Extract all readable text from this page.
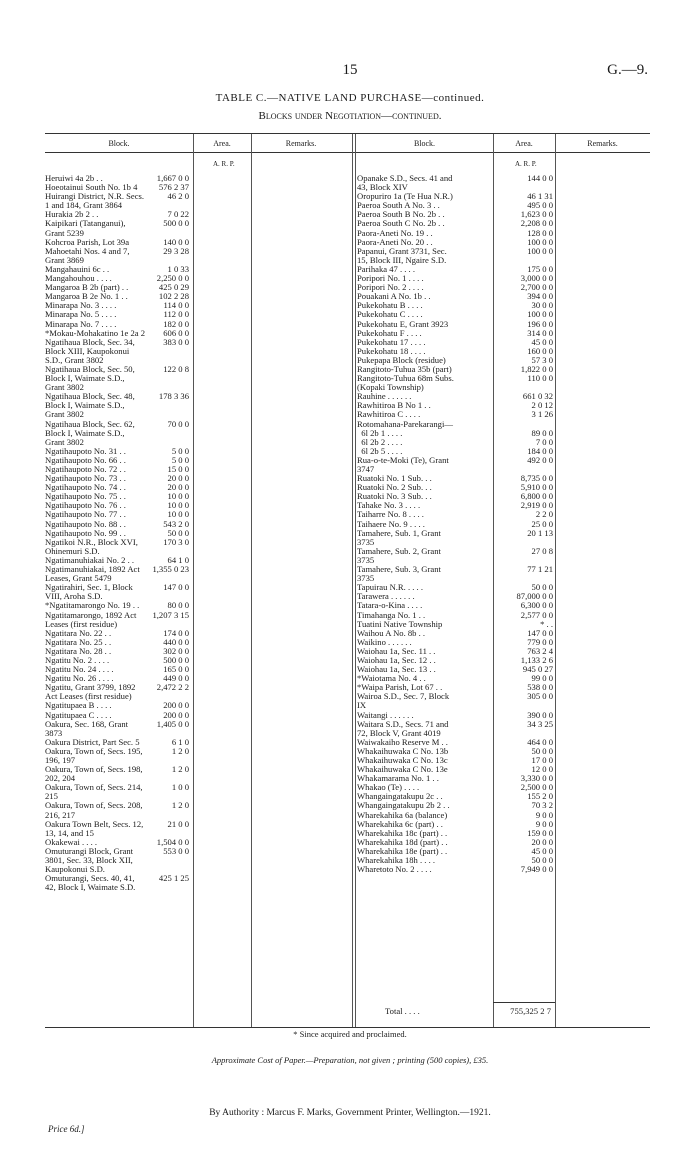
15	G.—9.
TABLE C.—NATIVE LAND PURCHASE—continued.
Blocks under Negotiation—continued.
Block.	Area.	Remarks.	Block.	Area.	Remarks.
A. R. P.	A. R. P.
Heruiwi 4a 2b . .	1,667 0 0
Hoeotainui South No. 1b 4	576 2 37
Huirangi District, N.R. Secs.
1 and 184, Grant 3864
46 2 0
Hurakia 2b 2 . .	7 0 22
Kaipikari (Tatanganui),
Grant 5239
500 0 0
Kohcroa Parish, Lot 39a	140 0 0
Mahoetahi Nos. 4 and 7,
Grant 3869
29 3 28
Mangahauini 6c . .	1 0 33
Mangahouhou . . . .	2,250 0 0
Mangaroa B 2b (part) . .	425 0 29
Mangaroa B 2e No. 1 . .	102 2 28
Minarapa No. 3 . . . .	114 0 0
Minarapa No. 5 . . . .	112 0 0
Minarapa No. 7 . . . .	182 0 0
*Mokau-Mohakatino 1e 2a 2	606 0 0
Ngatihaua Block, Sec. 34,
Block XIII, Kaupokonui
S.D., Grant 3802
383 0 0
Ngatihaua Block, Sec. 50,
Block I, Waimate S.D.,
Grant 3802
122 0 8
Ngatihaua Block, Sec. 48,
Block I, Waimate S.D.,
Grant 3802
178 3 36
Ngatihaua Block, Sec. 62,
Block I, Waimate S.D.,
Grant 3802
70 0 0
Ngatihaupoto No. 31 . .	5 0 0
Ngatihaupoto No. 66 . .	5 0 0
Ngatihaupoto No. 72 . .	15 0 0
Ngatihaupoto No. 73 . .	20 0 0
Ngatihaupoto No. 74 . .	20 0 0
Ngatihaupoto No. 75 . .	10 0 0
Ngatihaupoto No. 76 . .	10 0 0
Ngatihaupoto No. 77 . .	10 0 0
Ngatihaupoto No. 88 . .	543 2 0
Ngatihaupoto No. 99 . .	50 0 0
Ngatikoi N.R., Block XVI,
Ohinemuri S.D.
170 3 0
Ngatimanuhiakai No. 2 . .	64 1 0
Ngatimanuhiakai, 1892 Act
Leases, Grant 5479
1,355 0 23
Ngatirahiri, Sec. 1, Block
VIII, Aroha S.D.
147 0 0
*Ngatitamarongo No. 19 . .	80 0 0
Ngatitamarongo, 1892 Act
Leases (first residue)
1,207 3 15
Ngatitara No. 22 . .	174 0 0
Ngatitara No. 25 . .	440 0 0
Ngatitara No. 28 . .	302 0 0
Ngatitu No. 2 . . . .	500 0 0
Ngatitu No. 24 . . . .	165 0 0
Ngatitu No. 26 . . . .	449 0 0
Ngatitu, Grant 3799, 1892
Act Leases (first residue)
2,472 2 2
Ngatitupaea B . . . .	200 0 0
Ngatitupaea C . . . .	200 0 0
Oakura, Sec. 168, Grant
3873
1,405 0 0
Oakura District, Part Sec. 5	6 1 0
Oakura, Town of, Secs. 195,
196, 197
1 2 0
Oakura, Town of, Secs. 198,
202, 204
1 2 0
Oakura, Town of, Secs. 214,
215
1 0 0
Oakura, Town of, Secs. 208,
216, 217
1 2 0
Oakura Town Belt, Secs. 12,
13, 14, and 15
21 0 0
Okakewai . . . .	1,504 0 0
Omuturangi Block, Grant
3801, Sec. 33, Block XII,
Kaupokonui S.D.
553 0 0
Omuturangi, Secs. 40, 41,
42, Block I, Waimate S.D.
425 1 25
Opanake S.D., Secs. 41 and
43, Block XIV
144 0 0
Oropuriro 1a (Te Hua N.R.)	46 1 31
Paeroa South A No. 3 . .	495 0 0
Paeroa South B No. 2b . .	1,623 0 0
Paeroa South C No. 2b . .	2,208 0 0
Paora-Aneti No. 19 . .	128 0 0
Paora-Aneti No. 20 . .	100 0 0
Papanui, Grant 3731, Sec.
15, Block III, Ngaire S.D.
100 0 0
Parihaka 47 . . . .	175 0 0
Poripori No. 1 . . . .	3,000 0 0
Poripori No. 2 . . . .	2,700 0 0
Pouakani A No. 1b . .	394 0 0
Pukekohatu B . . . .	30 0 0
Pukekohatu C . . . .	100 0 0
Pukekohatu E, Grant 3923	196 0 0
Pukekohatu F . . . .	314 0 0
Pukekohatu 17 . . . .	45 0 0
Pukekohatu 18 . . . .	160 0 0
Pukepapa Block (residue)	57 3 0
Rangitoto-Tuhua 35b (part)	1,822 0 0
Rangitoto-Tuhua 68m Subs.
(Kopaki Township)
110 0 0
Rauhine . . . . . .	661 0 32
Rawhitiroa B No 1 . .	2 0 12
Rawhitiroa C . . . .	3 1 26
Rotomahana-Parekarangi—
6l 2b 1 . . . .	89 0 0
6l 2b 2 . . . .	7 0 0
6l 2b 5 . . . .	184 0 0
Rua-o-te-Moki (Te), Grant
3747
492 0 0
Ruatoki No. 1 Sub. . .	8,735 0 0
Ruatoki No. 2 Sub. . .	5,910 0 0
Ruatoki No. 3 Sub. . .	6,800 0 0
Tahake No. 3 . . . .	2,919 0 0
Taiharre No. 8 . . . .	2 2 0
Taihaere No. 9 . . . .	25 0 0
Tamahere, Sub. 1, Grant
3735
20 1 13
Tamahere, Sub. 2, Grant
3735
27 0 8
Tamahere, Sub. 3, Grant
3735
77 1 21
Tapuirau N.R. . . . .	50 0 0
Tarawera . . . . . .	87,000 0 0
Tatara-o-Kina . . . .	6,300 0 0
Timahanga No. 1 . .	2,577 0 0
Tuatini Native Township	* . .
Waihou A No. 8b . .	147 0 0
Waikino . . . . . .	779 0 0
Waiohau 1a, Sec. 11 . .	763 2 4
Waiohau 1a, Sec. 12 . .	1,133 2 6
Waiohau 1a, Sec. 13 . .	945 0 27
*Waiotama No. 4 . .	99 0 0
*Waipa Parish, Lot 67 . .	538 0 0
Wairoa S.D., Sec. 7, Block
IX
305 0 0
Waitangi . . . . . .	390 0 0
Waitara S.D., Secs. 71 and
72, Block V, Grant 4019
34 3 25
Waiwakaiho Reserve M . .	464 0 0
Whakaihuwaka C No. 13b	50 0 0
Whakaihuwaka C No. 13c	17 0 0
Whakaihuwaka C No. 13e	12 0 0
Whakamarama No. 1 . .	3,330 0 0
Whakao (Te) . . . .	2,500 0 0
Whangaingatakupu 2c . .	155 2 0
Whangaingatakupu 2b 2 . .	70 3 2
Wharekahika 6a (balance)	9 0 0
Wharekahika 6c (part) . .	9 0 0
Wharekahika 18c (part) . .	159 0 0
Wharekahika 18d (part) . .	20 0 0
Wharekahika 18e (part) . .	45 0 0
Wharekahika 18h . . . .	50 0 0
Wharetoto No. 2 . . . .	7,949 0 0
Total . . . .	755,325 2 7
* Since acquired and proclaimed.
Approximate Cost of Paper.—Preparation, not given ; printing (500 copies), £35.
By Authority : Marcus F. Marks, Government Printer, Wellington.—1921.
Price 6d.]
